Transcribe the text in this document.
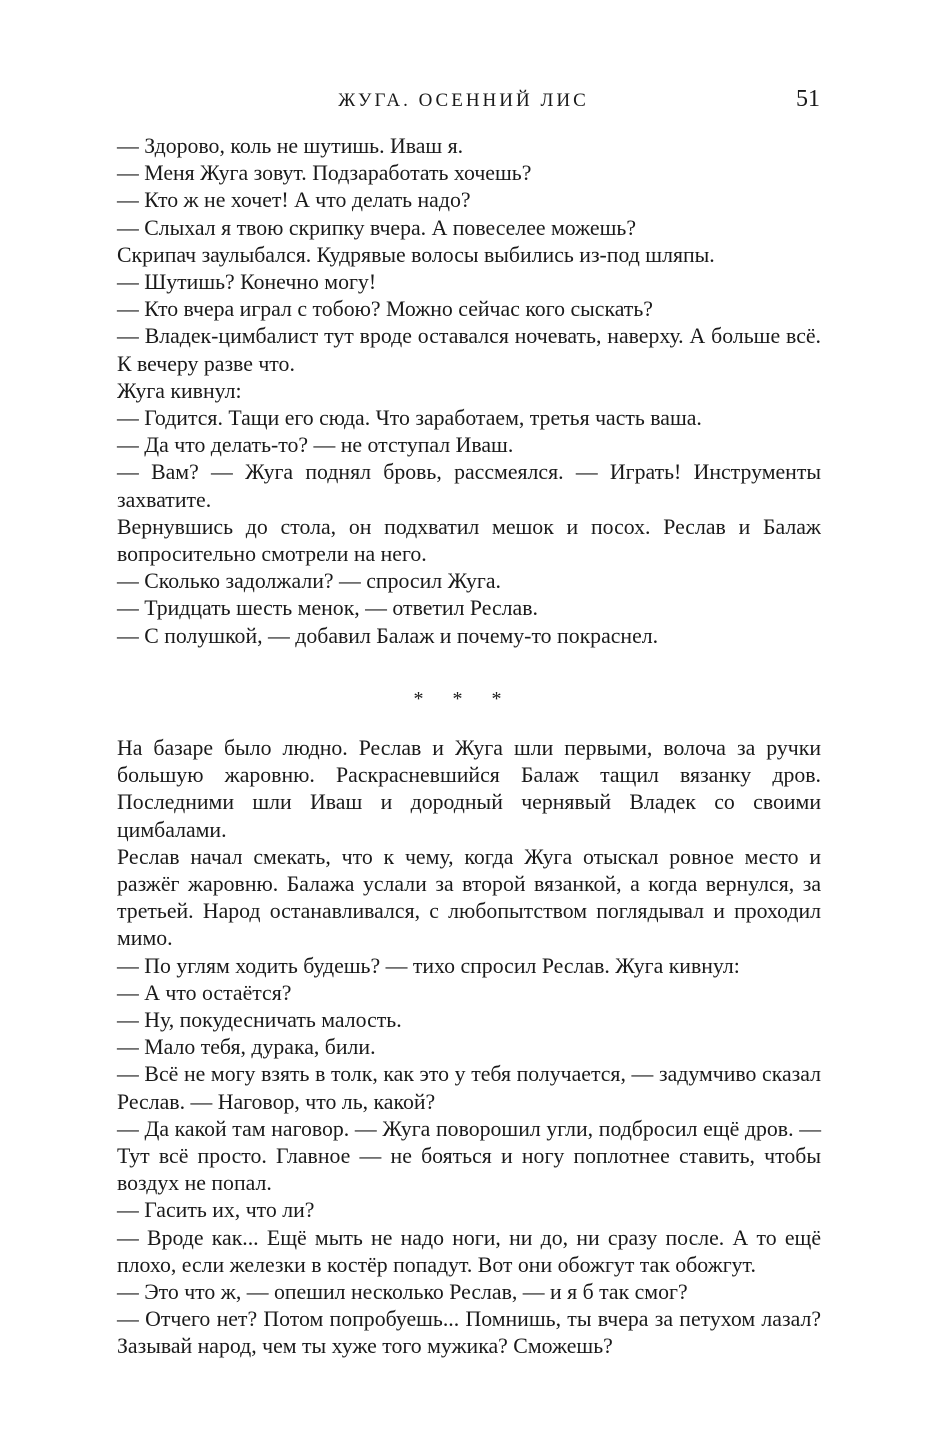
ЖУГА. ОСЕННИЙ ЛИС	51

— Здорово, коль не шутишь. Иваш я.

— Меня Жуга зовут. Подзаработать хочешь?

— Кто ж не хочет! А что делать надо?

— Слыхал я твою скрипку вчера. А повеселее можешь?

Скрипач заулыбался. Кудрявые волосы выбились из-под шляпы.

— Шутишь? Конечно могу!

— Кто вчера играл с тобою? Можно сейчас кого сыскать?

— Владек-цимбалист тут вроде оставался ночевать, наверху. А больше всё. К вечеру разве что.

Жуга кивнул:

— Годится. Тащи его сюда. Что заработаем, третья часть ваша.

— Да что делать-то? — не отступал Иваш.

— Вам? — Жуга поднял бровь, рассмеялся. — Играть! Инструменты захватите.

Вернувшись до стола, он подхватил мешок и посох. Реслав и Балаж вопросительно смотрели на него.

— Сколько задолжали? — спросил Жуга.

— Тридцать шесть менок, — ответил Реслав.

— С полушкой, — добавил Балаж и почему-то покраснел.

* * *

На базаре было людно. Реслав и Жуга шли первыми, волоча за ручки большую жаровню. Раскрасневшийся Балаж тащил вязанку дров. Последними шли Иваш и дородный чернявый Владек со своими цимбалами.

Реслав начал смекать, что к чему, когда Жуга отыскал ровное место и разжёг жаровню. Балажа услали за второй вязанкой, а когда вернулся, за третьей. Народ останавливался, с любопытством поглядывал и проходил мимо.

— По углям ходить будешь? — тихо спросил Реслав. Жуга кивнул:

— А что остаётся?

— Ну, покудесничать малость.

— Мало тебя, дурака, били.

— Всё не могу взять в толк, как это у тебя получается, — задумчиво сказал Реслав. — Наговор, что ль, какой?

— Да какой там наговор. — Жуга поворошил угли, подбросил ещё дров. — Тут всё просто. Главное — не бояться и ногу поплотнее ставить, чтобы воздух не попал.

— Гасить их, что ли?

— Вроде как... Ещё мыть не надо ноги, ни до, ни сразу после. А то ещё плохо, если железки в костёр попадут. Вот они обожгут так обожгут.

— Это что ж, — опешил несколько Реслав, — и я б так смог?

— Отчего нет? Потом попробуешь... Помнишь, ты вчера за петухом лазал? Зазывай народ, чем ты хуже того мужика? Сможешь?
